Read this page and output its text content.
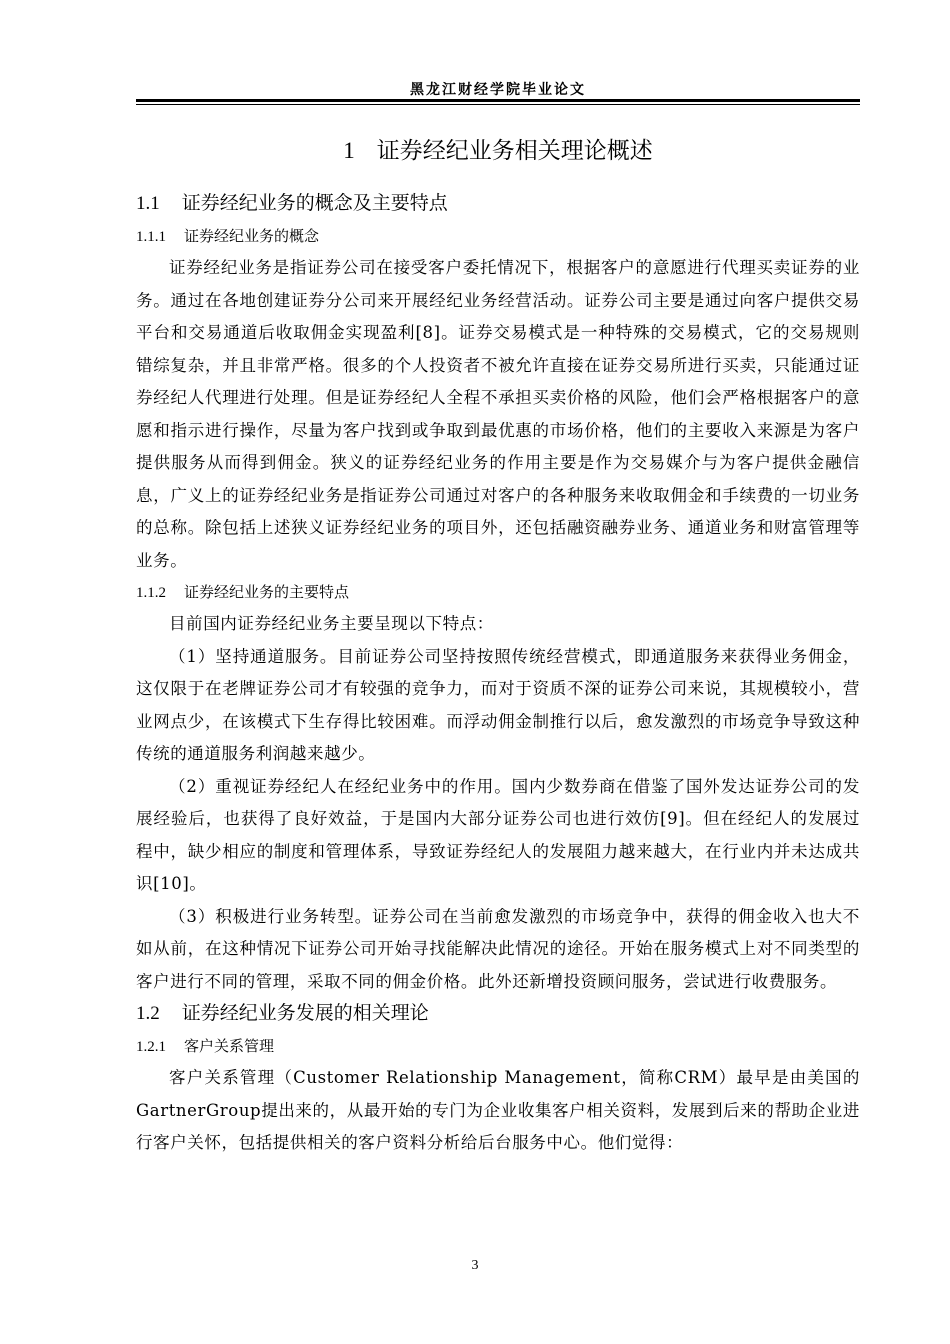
黑龙江财经学院毕业论文
1 证券经纪业务相关理论概述
1.1 证券经纪业务的概念及主要特点
1.1.1 证券经纪业务的概念

证券经纪业务是指证券公司在接受客户委托情况下，根据客户的意愿进行代理买卖证券的业务。通过在各地创建证券分公司来开展经纪业务经营活动。证券公司主要是通过向客户提供交易平台和交易通道后收取佣金实现盈利[8]。证券交易模式是一种特殊的交易模式，它的交易规则错综复杂，并且非常严格。很多的个人投资者不被允许直接在证券交易所进行买卖，只能通过证券经纪人代理进行处理。但是证券经纪人全程不承担买卖价格的风险，他们会严格根据客户的意愿和指示进行操作，尽量为客户找到或争取到最优惠的市场价格，他们的主要收入来源是为客户提供服务从而得到佣金。狭义的证券经纪业务的作用主要是作为交易媒介与为客户提供金融信息，广义上的证券经纪业务是指证券公司通过对客户的各种服务来收取佣金和手续费的一切业务的总称。除包括上述狭义证券经纪业务的项目外，还包括融资融券业务、通道业务和财富管理等业务。

1.1.2 证券经纪业务的主要特点

目前国内证券经纪业务主要呈现以下特点：

（1）坚持通道服务。目前证券公司坚持按照传统经营模式，即通道服务来获得业务佣金，这仅限于在老牌证券公司才有较强的竞争力，而对于资质不深的证券公司来说，其规模较小，营业网点少，在该模式下生存得比较困难。而浮动佣金制推行以后，愈发激烈的市场竞争导致这种传统的通道服务利润越来越少。

（2）重视证券经纪人在经纪业务中的作用。国内少数券商在借鉴了国外发达证券公司的发展经验后，也获得了良好效益，于是国内大部分证券公司也进行效仿[9]。但在经纪人的发展过程中，缺少相应的制度和管理体系，导致证券经纪人的发展阻力越来越大，在行业内并未达成共识[10]。

（3）积极进行业务转型。证券公司在当前愈发激烈的市场竞争中，获得的佣金收入也大不如从前，在这种情况下证券公司开始寻找能解决此情况的途径。开始在服务模式上对不同类型的客户进行不同的管理，采取不同的佣金价格。此外还新增投资顾问服务，尝试进行收费服务。

1.2 证券经纪业务发展的相关理论
1.2.1 客户关系管理

客户关系管理（Customer Relationship Management，简称CRM）最早是由美国的GartnerGroup提出来的，从最开始的专门为企业收集客户相关资料，发展到后来的帮助企业进行客户关怀，包括提供相关的客户资料分析给后台服务中心。他们觉得：

3
